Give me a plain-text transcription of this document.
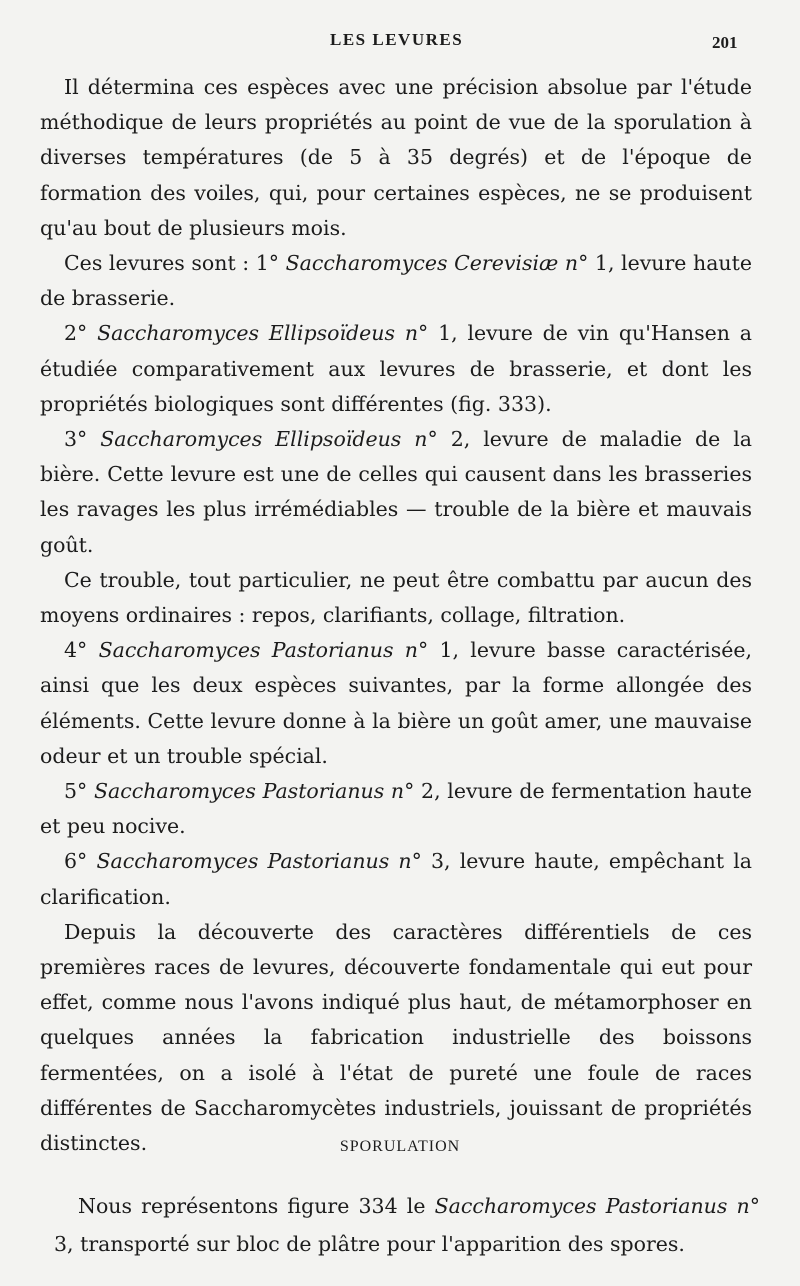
LES LEVURES	201

Il détermina ces espèces avec une précision absolue par l'étude méthodique de leurs propriétés au point de vue de la sporulation à diverses températures (de 5 à 35 degrés) et de l'époque de formation des voiles, qui, pour certaines espèces, ne se produisent qu'au bout de plusieurs mois.

Ces levures sont : 1° Saccharomyces Cerevisiæ n° 1, levure haute de brasserie.

2° Saccharomyces Ellipsoïdeus n° 1, levure de vin qu'Hansen a étudiée comparativement aux levures de brasserie, et dont les propriétés biologiques sont différentes (fig. 333).

3° Saccharomyces Ellipsoïdeus n° 2, levure de maladie de la bière. Cette levure est une de celles qui causent dans les brasseries les ravages les plus irrémédiables — trouble de la bière et mauvais goût.

Ce trouble, tout particulier, ne peut être combattu par aucun des moyens ordinaires : repos, clarifiants, collage, filtration.

4° Saccharomyces Pastorianus n° 1, levure basse caractérisée, ainsi que les deux espèces suivantes, par la forme allongée des éléments. Cette levure donne à la bière un goût amer, une mauvaise odeur et un trouble spécial.

5° Saccharomyces Pastorianus n° 2, levure de fermentation haute et peu nocive.

6° Saccharomyces Pastorianus n° 3, levure haute, empêchant la clarification.

Depuis la découverte des caractères différentiels de ces premières races de levures, découverte fondamentale qui eut pour effet, comme nous l'avons indiqué plus haut, de métamorphoser en quelques années la fabrication industrielle des boissons fermentées, on a isolé à l'état de pureté une foule de races différentes de Saccharomycètes industriels, jouissant de propriétés distinctes.	SPORULATION

Nous représentons figure 334 le Saccharomyces Pastorianus n° 3, transporté sur bloc de plâtre pour l'apparition des spores.
